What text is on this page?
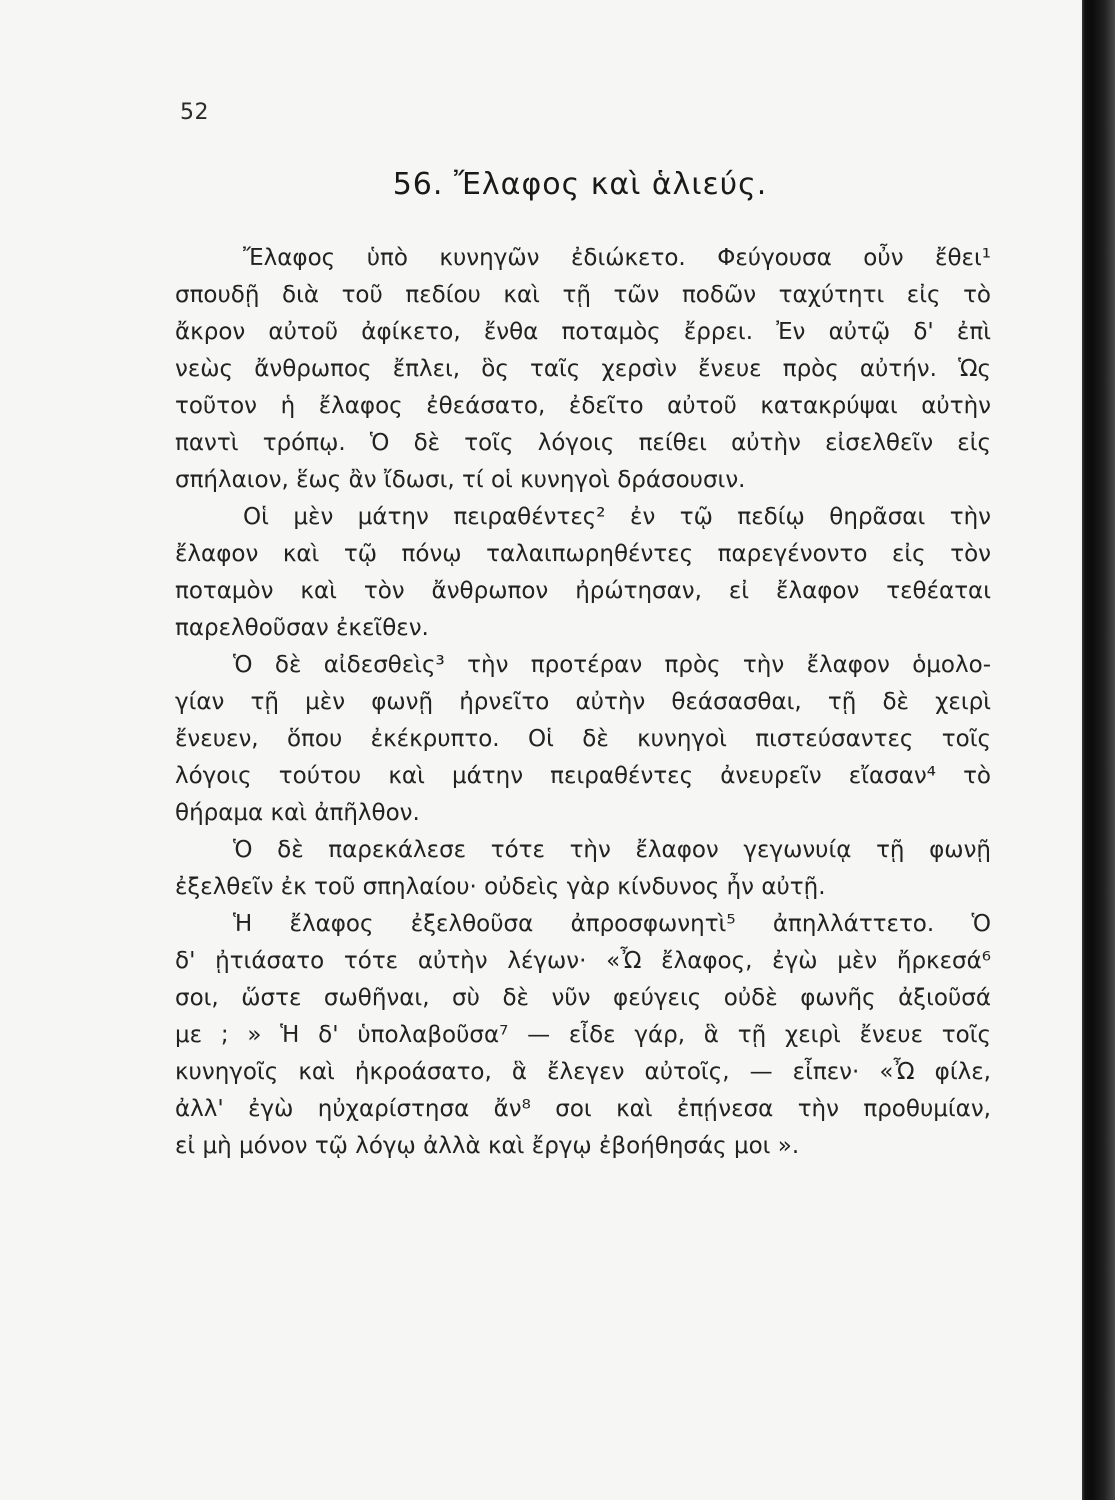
52
56. Ἔλαφος καὶ ἁλιεύς.
Ἔλαφος ὑπὸ κυνηγῶν ἐδιώκετο. Φεύγουσα οὖν ἔθει¹
σπουδῇ διὰ τοῦ πεδίου καὶ τῇ τῶν ποδῶν ταχύτητι εἰς τὸ
ἄκρον αὐτοῦ ἀφίκετο, ἔνθα ποταμὸς ἔρρει. Ἐν αὐτῷ δ' ἐπὶ
νεὼς ἄνθρωπος ἔπλει, ὃς ταῖς χερσὶν ἔνευε πρὸς αὐτήν. Ὡς
τοῦτον ἡ ἔλαφος ἐθεάσατο, ἐδεῖτο αὐτοῦ κατακρύψαι αὐτὴν
παντὶ τρόπῳ. Ὁ δὲ τοῖς λόγοις πείθει αὐτὴν εἰσελθεῖν εἰς
σπήλαιον, ἕως ἂν ἴδωσι, τί οἱ κυνηγοὶ δράσουσιν.
Οἱ μὲν μάτην πειραθέντες² ἐν τῷ πεδίῳ θηρᾶσαι τὴν
ἔλαφον καὶ τῷ πόνῳ ταλαιπωρηθέντες παρεγένοντο εἰς τὸν
ποταμὸν καὶ τὸν ἄνθρωπον ἠρώτησαν, εἰ ἔλαφον τεθέαται
παρελθοῦσαν ἐκεῖθεν.
Ὁ δὲ αἰδεσθεὶς³ τὴν προτέραν πρὸς τὴν ἔλαφον ὁμολο-
γίαν τῇ μὲν φωνῇ ἠρνεῖτο αὐτὴν θεάσασθαι, τῇ δὲ χειρὶ
ἔνευεν, ὅπου ἐκέκρυπτο. Οἱ δὲ κυνηγοὶ πιστεύσαντες τοῖς
λόγοις τούτου καὶ μάτην πειραθέντες ἀνευρεῖν εἴασαν⁴ τὸ
θήραμα καὶ ἀπῆλθον.
Ὁ δὲ παρεκάλεσε τότε τὴν ἔλαφον γεγωνυίᾳ τῇ φωνῇ
ἐξελθεῖν ἐκ τοῦ σπηλαίου· οὐδεὶς γὰρ κίνδυνος ἦν αὐτῇ.
Ἡ ἔλαφος ἐξελθοῦσα ἀπροσφωνητὶ⁵ ἀπηλλάττετο. Ὁ
δ' ᾐτιάσατο τότε αὐτὴν λέγων· «Ὦ ἔλαφος, ἐγὼ μὲν ἤρκεσά⁶
σοι, ὥστε σωθῆναι, σὺ δὲ νῦν φεύγεις οὐδὲ φωνῆς ἀξιοῦσά
με ; » Ἡ δ' ὑπολαβοῦσα⁷ — εἶδε γάρ, ἃ τῇ χειρὶ ἔνευε τοῖς
κυνηγοῖς καὶ ἠκροάσατο, ἃ ἔλεγεν αὐτοῖς, — εἶπεν· «Ὦ φίλε,
ἀλλ' ἐγὼ ηὐχαρίστησα ἄν⁸ σοι καὶ ἐπῄνεσα τὴν προθυμίαν,
εἰ μὴ μόνον τῷ λόγῳ ἀλλὰ καὶ ἔργῳ ἐβοήθησάς μοι ».
